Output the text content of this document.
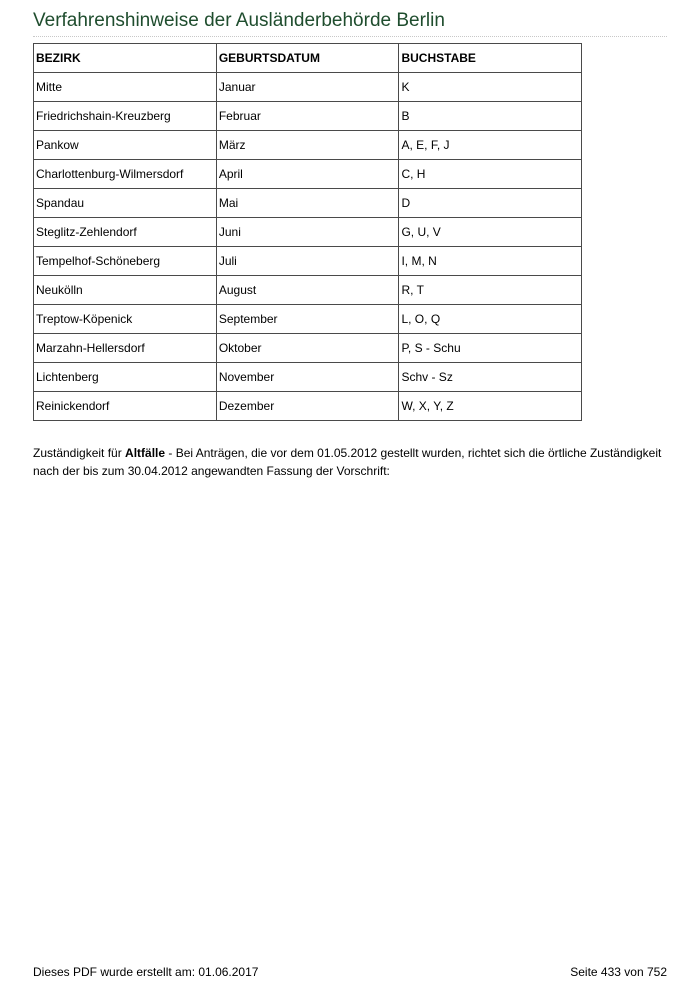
Verfahrenshinweise der Ausländerbehörde Berlin
BEZIRK	GEBURTSDATUM	BUCHSTABE
Mitte	Januar	K
Friedrichshain-Kreuzberg	Februar	B
Pankow	März	A, E, F, J
Charlottenburg-Wilmersdorf	April	C, H
Spandau	Mai	D
Steglitz-Zehlendorf	Juni	G, U, V
Tempelhof-Schöneberg	Juli	I, M, N
Neukölln	August	R, T
Treptow-Köpenick	September	L, O, Q
Marzahn-Hellersdorf	Oktober	P, S - Schu
Lichtenberg	November	Schv - Sz
Reinickendorf	Dezember	W, X, Y, Z

Zuständigkeit für Altfälle - Bei Anträgen, die vor dem 01.05.2012 gestellt wurden, richtet sich die örtliche Zuständigkeit nach der bis zum 30.04.2012 angewandten Fassung der Vorschrift:

Dieses PDF wurde erstellt am: 01.06.2017	Seite 433 von 752
